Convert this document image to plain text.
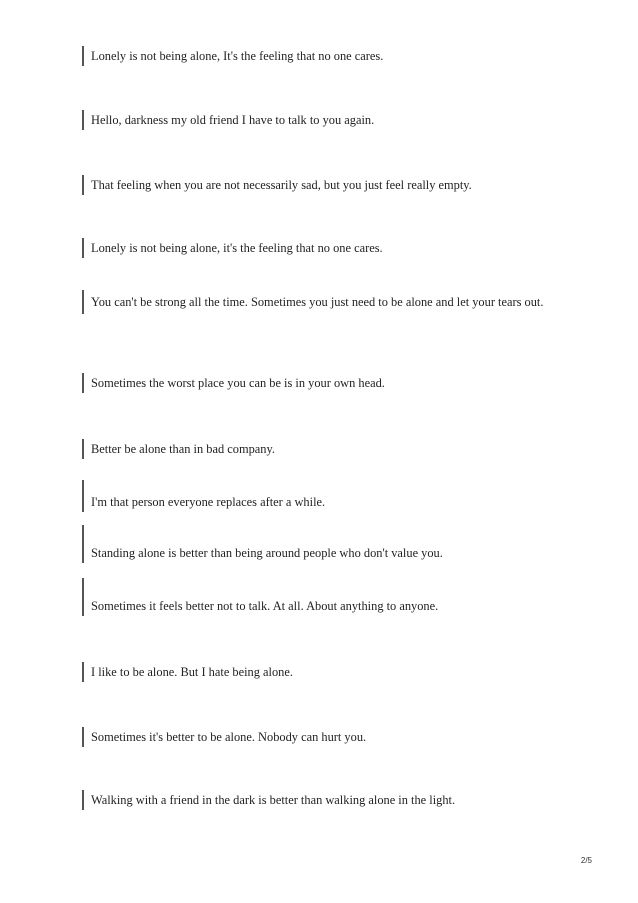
Lonely is not being alone, It's the feeling that no one cares.
Hello, darkness my old friend I have to talk to you again.
That feeling when you are not necessarily sad, but you just feel really empty.
Lonely is not being alone, it's the feeling that no one cares.
You can't be strong all the time. Sometimes you just need to be alone and let your tears out.
Sometimes the worst place you can be is in your own head.
Better be alone than in bad company.
I'm that person everyone replaces after a while.
Standing alone is better than being around people who don't value you.
Sometimes it feels better not to talk. At all. About anything to anyone.
I like to be alone. But I hate being alone.
Sometimes it's better to be alone. Nobody can hurt you.
Walking with a friend in the dark is better than walking alone in the light.
2/5
